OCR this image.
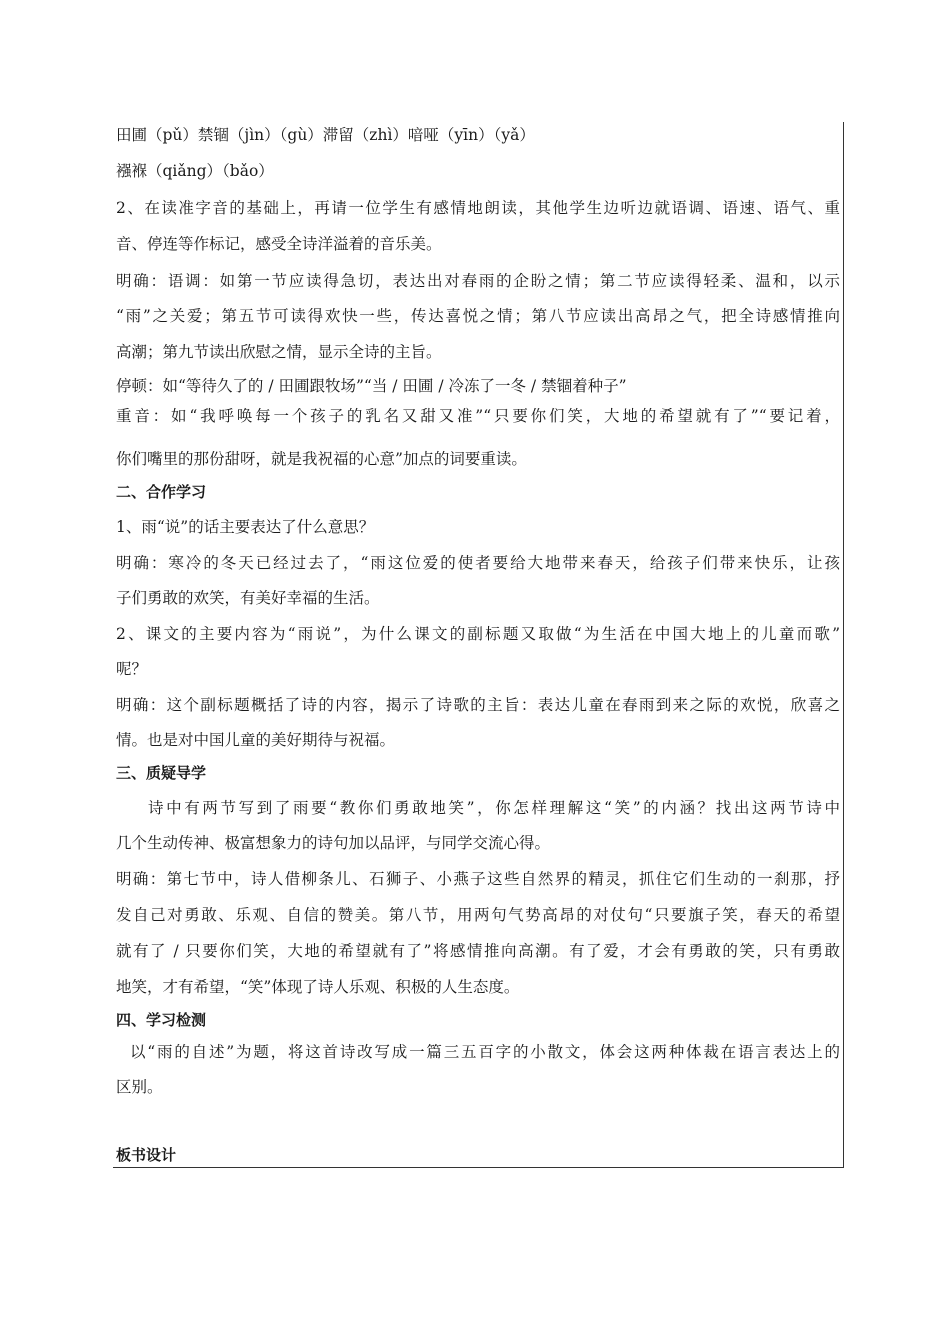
田圃（pǔ）禁锢（jìn）（gù）滞留（zhì）喑哑（yīn）（yǎ）
襁褓（qiǎng）（bǎo）
2、在读准字音的基础上，再请一位学生有感情地朗读，其他学生边听边就语调、语速、语气、重
音、停连等作标记，感受全诗洋溢着的音乐美。
明确：语调：如第一节应读得急切，表达出对春雨的企盼之情；第二节应读得轻柔、温和，以示
“雨”之关爱；第五节可读得欢快一些，传达喜悦之情；第八节应读出高昂之气，把全诗感情推向
高潮；第九节读出欣慰之情，显示全诗的主旨。
停顿：如“等待久了的 / 田圃跟牧场”“当 / 田圃 / 冷冻了一冬 / 禁锢着种子”
重音：如“我呼唤每一个孩子的乳名又甜又准”“只要你们笑，大地的希望就有了”“要记着，
你们嘴里的那份甜呀，就是我祝福的心意”加点的词要重读。
二、合作学习
1、雨“说”的话主要表达了什么意思？
明确：寒冷的冬天已经过去了，“雨这位爱的使者要给大地带来春天，给孩子们带来快乐，让孩
子们勇敢的欢笑，有美好幸福的生活。
2、课文的主要内容为“雨说”，为什么课文的副标题又取做“为生活在中国大地上的儿童而歌”
呢？
明确：这个副标题概括了诗的内容，揭示了诗歌的主旨：表达儿童在春雨到来之际的欢悦，欣喜之
情。也是对中国儿童的美好期待与祝福。
三、质疑导学
诗中有两节写到了雨要“教你们勇敢地笑”，你怎样理解这“笑”的内涵？找出这两节诗中
几个生动传神、极富想象力的诗句加以品评，与同学交流心得。
明确：第七节中，诗人借柳条儿、石狮子、小燕子这些自然界的精灵，抓住它们生动的一刹那，抒
发自己对勇敢、乐观、自信的赞美。第八节，用两句气势高昂的对仗句“只要旗子笑，春天的希望
就有了 / 只要你们笑，大地的希望就有了”将感情推向高潮。有了爱，才会有勇敢的笑，只有勇敢
地笑，才有希望，“笑”体现了诗人乐观、积极的人生态度。
四、学习检测
以“雨的自述”为题，将这首诗改写成一篇三五百字的小散文，体会这两种体裁在语言表达上的
区别。
板书设计
